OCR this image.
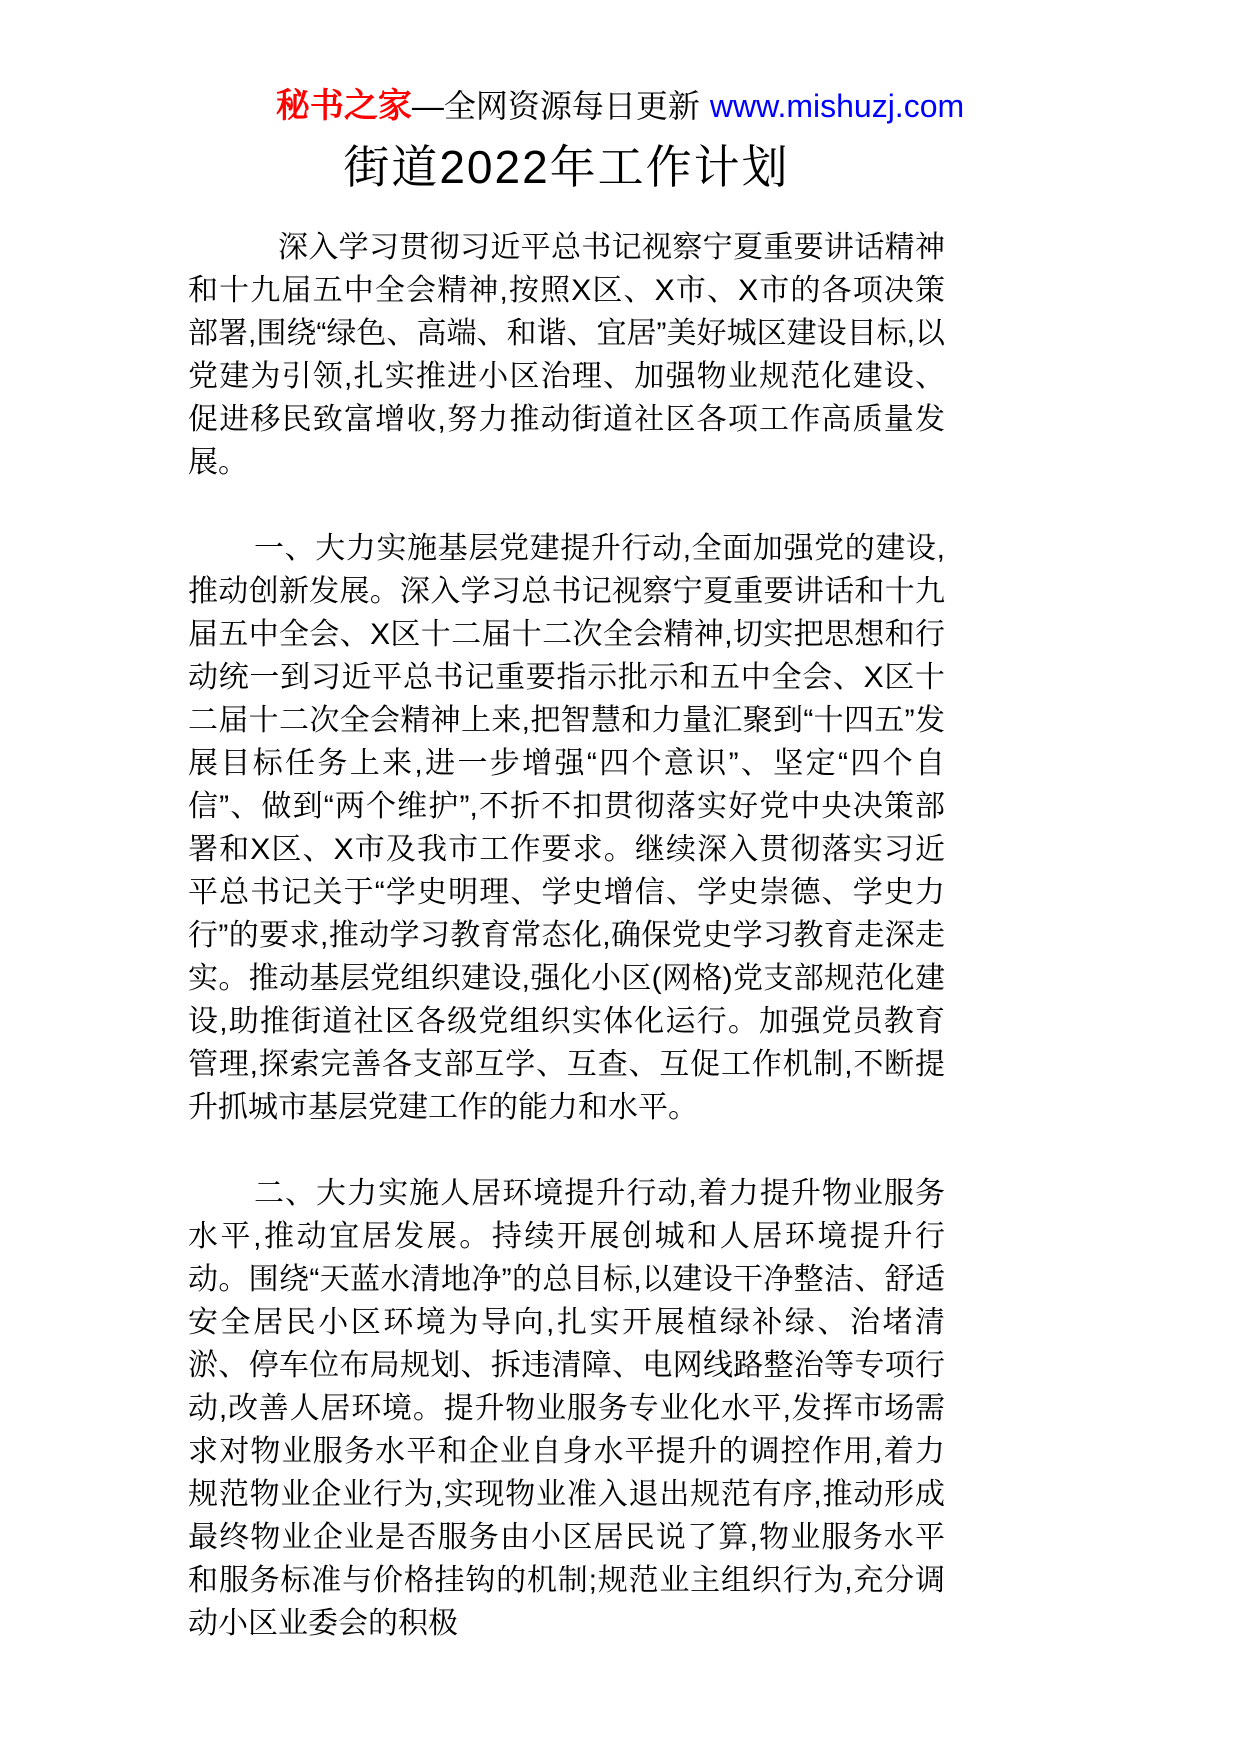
秘书之家—全网资源每日更新 www.mishuzj.com
街道2022年工作计划

深入学习贯彻习近平总书记视察宁夏重要讲话精神和十九届五中全会精神,按照X区、X市、X市的各项决策部署,围绕“绿色、高端、和谐、宜居”美好城区建设目标,以党建为引领,扎实推进小区治理、加强物业规范化建设、促进移民致富增收,努力推动街道社区各项工作高质量发展。

一、大力实施基层党建提升行动,全面加强党的建设,推动创新发展。深入学习总书记视察宁夏重要讲话和十九届五中全会、X区十二届十二次全会精神,切实把思想和行动统一到习近平总书记重要指示批示和五中全会、X区十二届十二次全会精神上来,把智慧和力量汇聚到“十四五”发展目标任务上来,进一步增强“四个意识”、坚定“四个自信”、做到“两个维护”,不折不扣贯彻落实好党中央决策部署和X区、X市及我市工作要求。继续深入贯彻落实习近平总书记关于“学史明理、学史增信、学史崇德、学史力行”的要求,推动学习教育常态化,确保党史学习教育走深走实。推动基层党组织建设,强化小区(网格)党支部规范化建设,助推街道社区各级党组织实体化运行。加强党员教育管理,探索完善各支部互学、互查、互促工作机制,不断提升抓城市基层党建工作的能力和水平。

二、大力实施人居环境提升行动,着力提升物业服务水平,推动宜居发展。持续开展创城和人居环境提升行动。围绕“天蓝水清地净”的总目标,以建设干净整洁、舒适安全居民小区环境为导向,扎实开展植绿补绿、治堵清淤、停车位布局规划、拆违清障、电网线路整治等专项行动,改善人居环境。提升物业服务专业化水平,发挥市场需求对物业服务水平和企业自身水平提升的调控作用,着力规范物业企业行为,实现物业准入退出规范有序,推动形成最终物业企业是否服务由小区居民说了算,物业服务水平和服务标准与价格挂钩的机制;规范业主组织行为,充分调动小区业委会的积极
